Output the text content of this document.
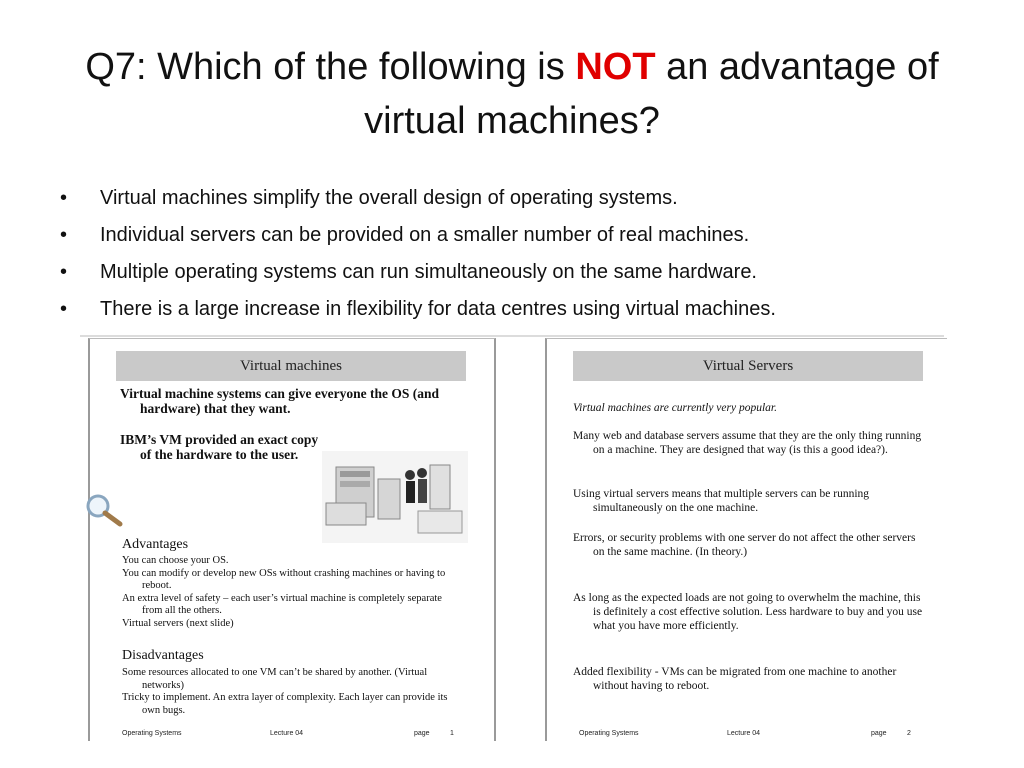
Q7: Which of the following is NOT an advantage of virtual machines?
• Virtual machines simplify the overall design of operating systems.
• Individual servers can be provided on a smaller number of real machines.
• Multiple operating systems can run simultaneously on the same hardware.
• There is a large increase in flexibility for data centres using virtual machines.
Virtual machines

Virtual machine systems can give everyone the OS (and hardware) that they want.

IBM’s VM provided an exact copy of the hardware to the user.

Advantages
You can choose your OS.
You can modify or develop new OSs without crashing machines or having to reboot.
An extra level of safety – each user’s virtual machine is completely separate from all the others.
Virtual servers (next slide)
Disadvantages
Some resources allocated to one VM can’t be shared by another. (Virtual networks)
Tricky to implement. An extra layer of complexity. Each layer can provide its own bugs.
Operating Systems	Lecture 04	page	1
Virtual Servers
Virtual machines are currently very popular.
Many web and database servers assume that they are the only thing running on a machine. They are designed that way (is this a good idea?).
Using virtual servers means that multiple servers can be running simultaneously on the one machine.
Errors, or security problems with one server do not affect the other servers on the same machine. (In theory.)
As long as the expected loads are not going to overwhelm the machine, this is definitely a cost effective solution. Less hardware to buy and you use what you have more efficiently.
Added flexibility - VMs can be migrated from one machine to another without having to reboot.
Operating Systems	Lecture 04	page	2
